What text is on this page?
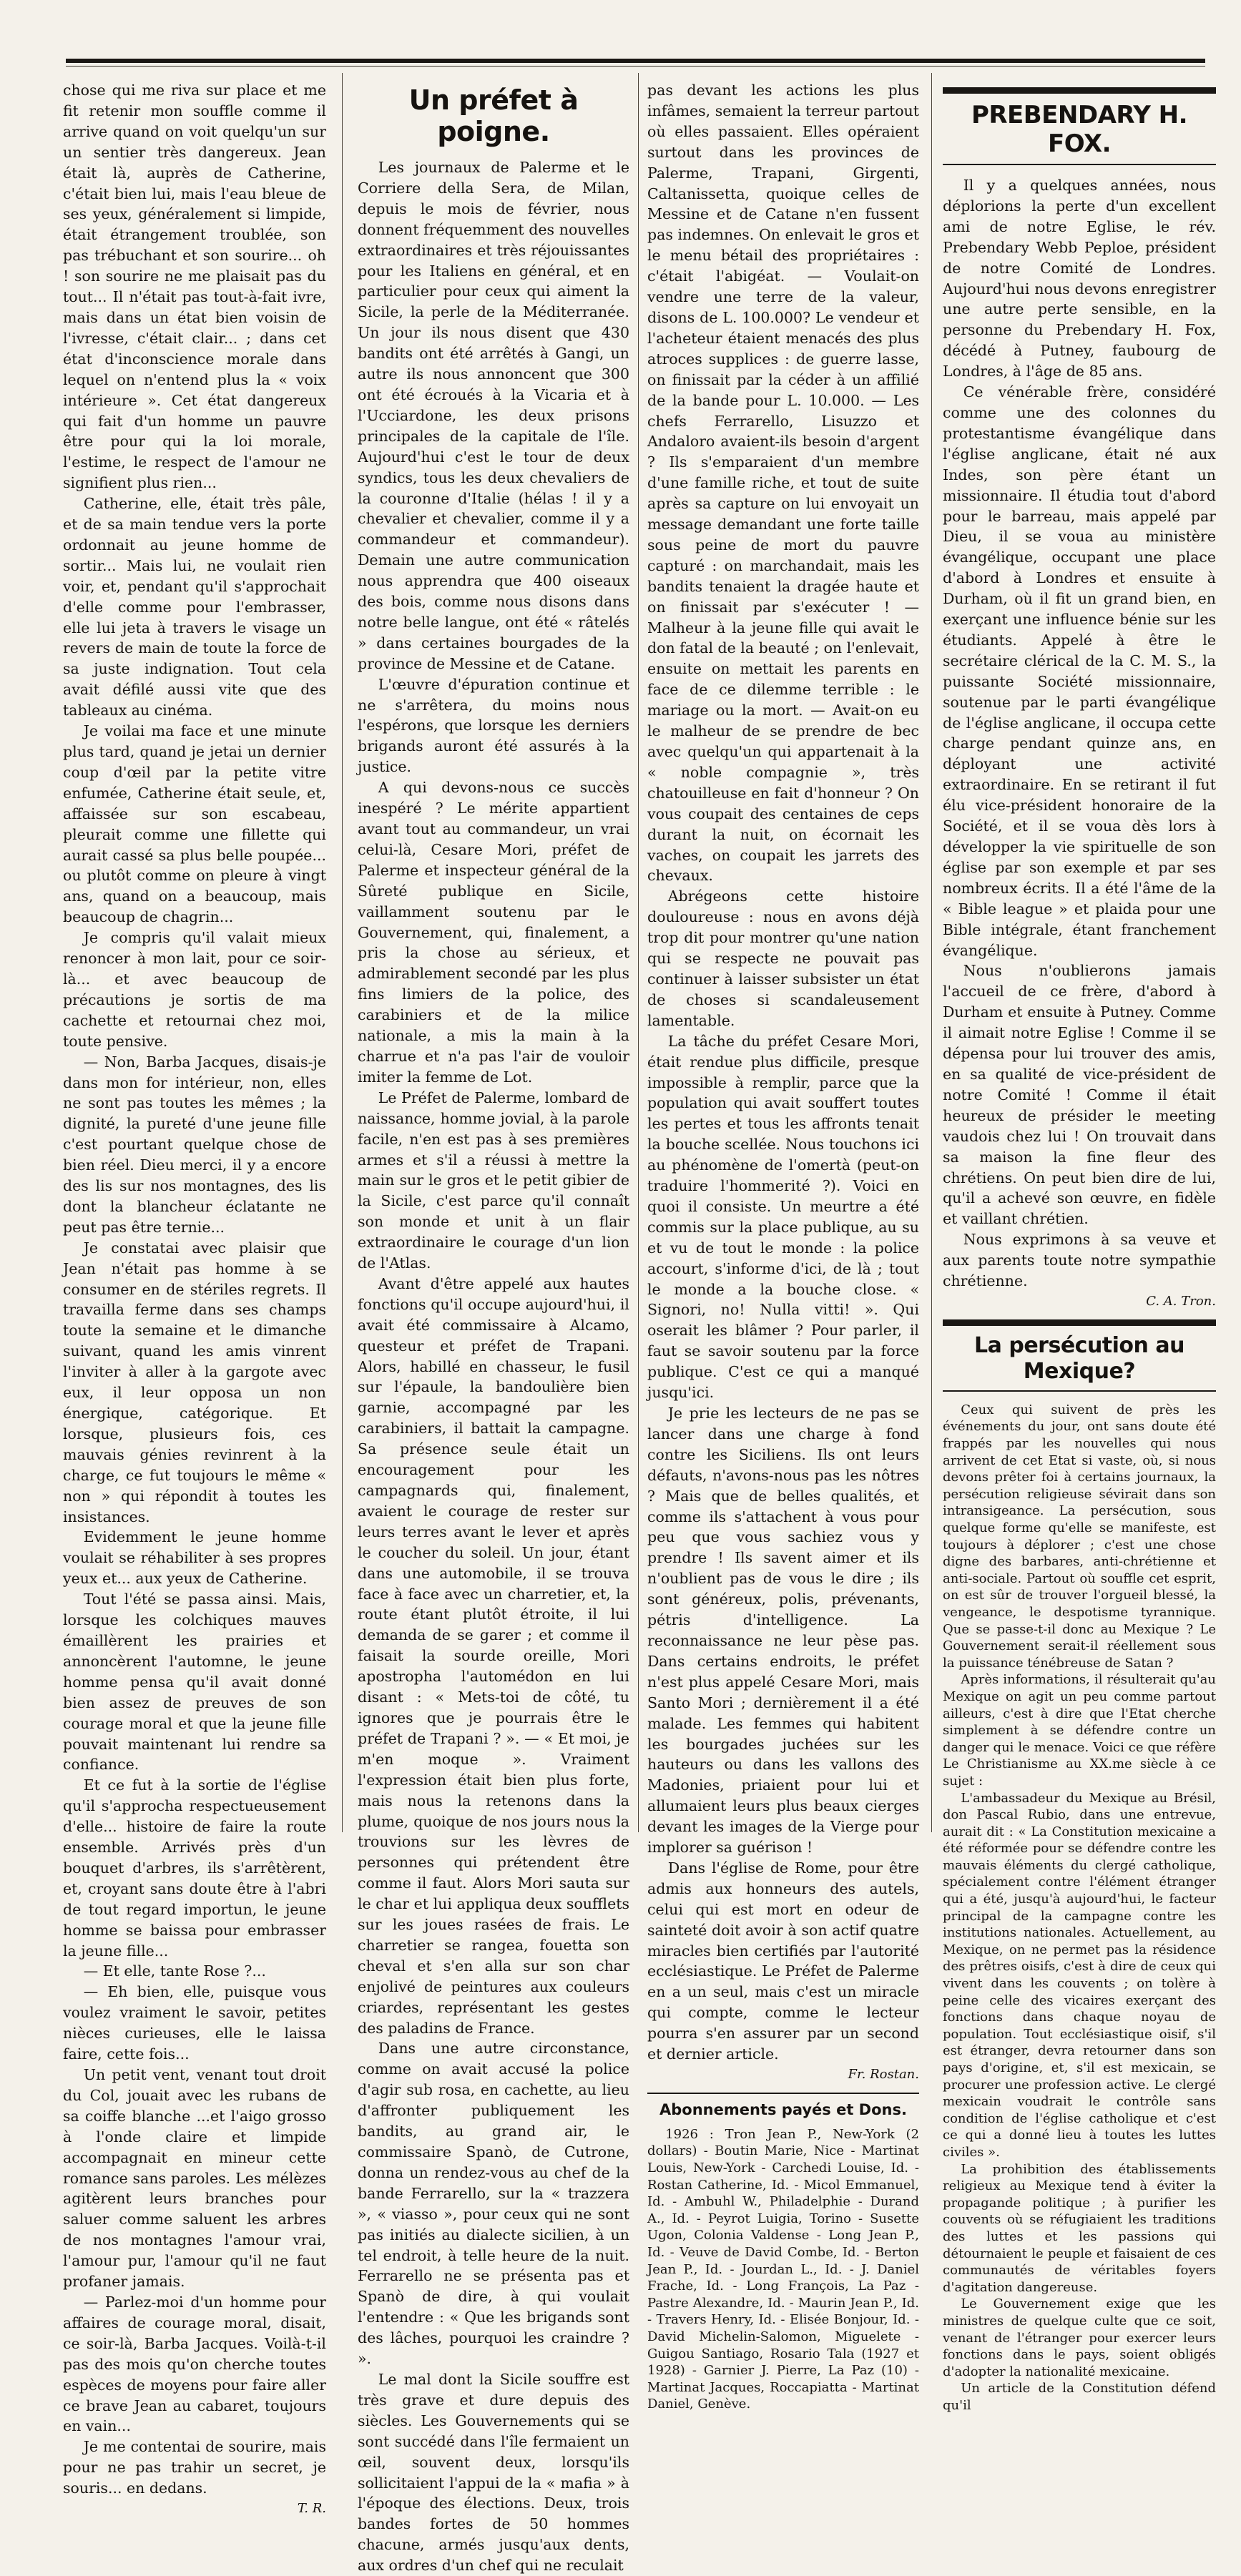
chose qui me riva sur place et me fit retenir mon souffle comme il arrive quand on voit quelqu'un sur un sentier très dangereux. Jean était là, auprès de Catherine, c'était bien lui, mais l'eau bleue de ses yeux, généralement si limpide, était étrangement troublée, son pas trébuchant et son sourire... oh ! son sourire ne me plaisait pas du tout... Il n'était pas tout-à-fait ivre, mais dans un état bien voisin de l'ivresse, c'était clair... ; dans cet état d'inconscience morale dans lequel on n'entend plus la « voix intérieure ». Cet état dangereux qui fait d'un homme un pauvre être pour qui la loi morale, l'estime, le respect de l'amour ne signifient plus rien...

Catherine, elle, était très pâle, et de sa main tendue vers la porte ordonnait au jeune homme de sortir... Mais lui, ne voulait rien voir, et, pendant qu'il s'approchait d'elle comme pour l'embrasser, elle lui jeta à travers le visage un revers de main de toute la force de sa juste indignation. Tout cela avait défilé aussi vite que des tableaux au cinéma.

Je voilai ma face et une minute plus tard, quand je jetai un dernier coup d'œil par la petite vitre enfumée, Catherine était seule, et, affaissée sur son escabeau, pleurait comme une fillette qui aurait cassé sa plus belle poupée... ou plutôt comme on pleure à vingt ans, quand on a beaucoup, mais beaucoup de chagrin...

Je compris qu'il valait mieux renoncer à mon lait, pour ce soir-là... et avec beaucoup de précautions je sortis de ma cachette et retournai chez moi, toute pensive.

— Non, Barba Jacques, disais-je dans mon for intérieur, non, elles ne sont pas toutes les mêmes ; la dignité, la pureté d'une jeune fille c'est pourtant quelque chose de bien réel. Dieu merci, il y a encore des lis sur nos montagnes, des lis dont la blancheur éclatante ne peut pas être ternie...

Je constatai avec plaisir que Jean n'était pas homme à se consumer en de stériles regrets. Il travailla ferme dans ses champs toute la semaine et le dimanche suivant, quand les amis vinrent l'inviter à aller à la gargote avec eux, il leur opposa un non énergique, catégorique. Et lorsque, plusieurs fois, ces mauvais génies revinrent à la charge, ce fut toujours le même « non » qui répondit à toutes les insistances.

Evidemment le jeune homme voulait se réhabiliter à ses propres yeux et... aux yeux de Catherine.

Tout l'été se passa ainsi. Mais, lorsque les colchiques mauves émaillèrent les prairies et annoncèrent l'automne, le jeune homme pensa qu'il avait donné bien assez de preuves de son courage moral et que la jeune fille pouvait maintenant lui rendre sa confiance.

Et ce fut à la sortie de l'église qu'il s'approcha respectueusement d'elle... histoire de faire la route ensemble. Arrivés près d'un bouquet d'arbres, ils s'arrêtèrent, et, croyant sans doute être à l'abri de tout regard importun, le jeune homme se baissa pour embrasser la jeune fille...

— Et elle, tante Rose ?...

— Eh bien, elle, puisque vous voulez vraiment le savoir, petites nièces curieuses, elle le laissa faire, cette fois...

Un petit vent, venant tout droit du Col, jouait avec les rubans de sa coiffe blanche ...et l'aigo grosso à l'onde claire et limpide accompagnait en mineur cette romance sans paroles. Les mélèzes agitèrent leurs branches pour saluer comme saluent les arbres de nos montagnes l'amour vrai, l'amour pur, l'amour qu'il ne faut profaner jamais.

— Parlez-moi d'un homme pour affaires de courage moral, disait, ce soir-là, Barba Jacques. Voilà-t-il pas des mois qu'on cherche toutes espèces de moyens pour faire aller ce brave Jean au cabaret, toujours en vain...

Je me contentai de sourire, mais pour ne pas trahir un secret, je souris... en dedans.

T. R.

Un préfet à poigne.

Les journaux de Palerme et le Corriere della Sera, de Milan, depuis le mois de février, nous donnent fréquemment des nouvelles extraordinaires et très réjouissantes pour les Italiens en général, et en particulier pour ceux qui aiment la Sicile, la perle de la Méditerranée. Un jour ils nous disent que 430 bandits ont été arrêtés à Gangi, un autre ils nous annoncent que 300 ont été écroués à la Vicaria et à l'Ucciardone, les deux prisons principales de la capitale de l'île. Aujourd'hui c'est le tour de deux syndics, tous les deux chevaliers de la couronne d'Italie (hélas ! il y a chevalier et chevalier, comme il y a commandeur et commandeur). Demain une autre communication nous apprendra que 400 oiseaux des bois, comme nous disons dans notre belle langue, ont été « râtelés » dans certaines bourgades de la province de Messine et de Catane.

L'œuvre d'épuration continue et ne s'arrêtera, du moins nous l'espérons, que lorsque les derniers brigands auront été assurés à la justice.

A qui devons-nous ce succès inespéré ? Le mérite appartient avant tout au commandeur, un vrai celui-là, Cesare Mori, préfet de Palerme et inspecteur général de la Sûreté publique en Sicile, vaillamment soutenu par le Gouvernement, qui, finalement, a pris la chose au sérieux, et admirablement secondé par les plus fins limiers de la police, des carabiniers et de la milice nationale, a mis la main à la charrue et n'a pas l'air de vouloir imiter la femme de Lot.

Le Préfet de Palerme, lombard de naissance, homme jovial, à la parole facile, n'en est pas à ses premières armes et s'il a réussi à mettre la main sur le gros et le petit gibier de la Sicile, c'est parce qu'il connaît son monde et unit à un flair extraordinaire le courage d'un lion de l'Atlas.

Avant d'être appelé aux hautes fonctions qu'il occupe aujourd'hui, il avait été commissaire à Alcamo, questeur et préfet de Trapani. Alors, habillé en chasseur, le fusil sur l'épaule, la bandoulière bien garnie, accompagné par les carabiniers, il battait la campagne. Sa présence seule était un encouragement pour les campagnards qui, finalement, avaient le courage de rester sur leurs terres avant le lever et après le coucher du soleil. Un jour, étant dans une automobile, il se trouva face à face avec un charretier, et, la route étant plutôt étroite, il lui demanda de se garer ; et comme il faisait la sourde oreille, Mori apostropha l'automédon en lui disant : « Mets-toi de côté, tu ignores que je pourrais être le préfet de Trapani ? ». — « Et moi, je m'en moque ». Vraiment l'expression était bien plus forte, mais nous la retenons dans la plume, quoique de nos jours nous la trouvions sur les lèvres de personnes qui prétendent être comme il faut. Alors Mori sauta sur le char et lui appliqua deux soufflets sur les joues rasées de frais. Le charretier se rangea, fouetta son cheval et s'en alla sur son char enjolivé de peintures aux couleurs criardes, représentant les gestes des paladins de France.

Dans une autre circonstance, comme on avait accusé la police d'agir sub rosa, en cachette, au lieu d'affronter publiquement les bandits, au grand air, le commissaire Spanò, de Cutrone, donna un rendez-vous au chef de la bande Ferrarello, sur la « trazzera », « viasso », pour ceux qui ne sont pas initiés au dialecte sicilien, à un tel endroit, à telle heure de la nuit. Ferrarello ne se présenta pas et Spanò de dire, à qui voulait l'entendre : « Que les brigands sont des lâches, pourquoi les craindre ? ».

Le mal dont la Sicile souffre est très grave et dure depuis des siècles. Les Gouvernements qui se sont succédé dans l'île fermaient un œil, souvent deux, lorsqu'ils sollicitaient l'appui de la « mafia » à l'époque des élections. Deux, trois bandes fortes de 50 hommes chacune, armés jusqu'aux dents, aux ordres d'un chef qui ne reculait

pas devant les actions les plus infâmes, semaient la terreur partout où elles passaient. Elles opéraient surtout dans les provinces de Palerme, Trapani, Girgenti, Caltanissetta, quoique celles de Messine et de Catane n'en fussent pas indemnes. On enlevait le gros et le menu bétail des propriétaires : c'était l'abigéat. — Voulait-on vendre une terre de la valeur, disons de L. 100.000? Le vendeur et l'acheteur étaient menacés des plus atroces supplices : de guerre lasse, on finissait par la céder à un affilié de la bande pour L. 10.000. — Les chefs Ferrarello, Lisuzzo et Andaloro avaient-ils besoin d'argent ? Ils s'emparaient d'un membre d'une famille riche, et tout de suite après sa capture on lui envoyait un message demandant une forte taille sous peine de mort du pauvre capturé : on marchandait, mais les bandits tenaient la dragée haute et on finissait par s'exécuter ! — Malheur à la jeune fille qui avait le don fatal de la beauté ; on l'enlevait, ensuite on mettait les parents en face de ce dilemme terrible : le mariage ou la mort. — Avait-on eu le malheur de se prendre de bec avec quelqu'un qui appartenait à la « noble compagnie », très chatouilleuse en fait d'honneur ? On vous coupait des centaines de ceps durant la nuit, on écornait les vaches, on coupait les jarrets des chevaux.

Abrégeons cette histoire douloureuse : nous en avons déjà trop dit pour montrer qu'une nation qui se respecte ne pouvait pas continuer à laisser subsister un état de choses si scandaleusement lamentable.

La tâche du préfet Cesare Mori, était rendue plus difficile, presque impossible à remplir, parce que la population qui avait souffert toutes les pertes et tous les affronts tenait la bouche scellée. Nous touchons ici au phénomène de l'omertà (peut-on traduire l'hommerité ?). Voici en quoi il consiste. Un meurtre a été commis sur la place publique, au su et vu de tout le monde : la police accourt, s'informe d'ici, de là ; tout le monde a la bouche close. « Signori, no! Nulla vitti! ». Qui oserait les blâmer ? Pour parler, il faut se savoir soutenu par la force publique. C'est ce qui a manqué jusqu'ici.

Je prie les lecteurs de ne pas se lancer dans une charge à fond contre les Siciliens. Ils ont leurs défauts, n'avons-nous pas les nôtres ? Mais que de belles qualités, et comme ils s'attachent à vous pour peu que vous sachiez vous y prendre ! Ils savent aimer et ils n'oublient pas de vous le dire ; ils sont généreux, polis, prévenants, pétris d'intelligence. La reconnaissance ne leur pèse pas. Dans certains endroits, le préfet n'est plus appelé Cesare Mori, mais Santo Mori ; dernièrement il a été malade. Les femmes qui habitent les bourgades juchées sur les hauteurs ou dans les vallons des Madonies, priaient pour lui et allumaient leurs plus beaux cierges devant les images de la Vierge pour implorer sa guérison !

Dans l'église de Rome, pour être admis aux honneurs des autels, celui qui est mort en odeur de sainteté doit avoir à son actif quatre miracles bien certifiés par l'autorité ecclésiastique. Le Préfet de Palerme en a un seul, mais c'est un miracle qui compte, comme le lecteur pourra s'en assurer par un second et dernier article.

Fr. Rostan.

Abonnements payés et Dons.

1926 : Tron Jean P., New-York (2 dollars) - Boutin Marie, Nice - Martinat Louis, New-York - Carchedi Louise, Id. - Rostan Catherine, Id. - Micol Emmanuel, Id. - Ambuhl W., Philadelphie - Durand A., Id. - Peyrot Luigia, Torino - Susette Ugon, Colonia Valdense - Long Jean P., Id. - Veuve de David Combe, Id. - Berton Jean P., Id. - Jourdan L., Id. - J. Daniel Frache, Id. - Long François, La Paz - Pastre Alexandre, Id. - Maurin Jean P., Id. - Travers Henry, Id. - Elisée Bonjour, Id. - David Michelin-Salomon, Miguelete - Guigou Santiago, Rosario Tala (1927 et 1928) - Garnier J. Pierre, La Paz (10) - Martinat Jacques, Roccapiatta - Martinat Daniel, Genève.

PREBENDARY H. FOX.

Il y a quelques années, nous déplorions la perte d'un excellent ami de notre Eglise, le rév. Prebendary Webb Peploe, président de notre Comité de Londres. Aujourd'hui nous devons enregistrer une autre perte sensible, en la personne du Prebendary H. Fox, décédé à Putney, faubourg de Londres, à l'âge de 85 ans.

Ce vénérable frère, considéré comme une des colonnes du protestantisme évangélique dans l'église anglicane, était né aux Indes, son père étant un missionnaire. Il étudia tout d'abord pour le barreau, mais appelé par Dieu, il se voua au ministère évangélique, occupant une place d'abord à Londres et ensuite à Durham, où il fit un grand bien, en exerçant une influence bénie sur les étudiants. Appelé à être le secrétaire clérical de la C. M. S., la puissante Société missionnaire, soutenue par le parti évangélique de l'église anglicane, il occupa cette charge pendant quinze ans, en déployant une activité extraordinaire. En se retirant il fut élu vice-président honoraire de la Société, et il se voua dès lors à développer la vie spirituelle de son église par son exemple et par ses nombreux écrits. Il a été l'âme de la « Bible league » et plaida pour une Bible intégrale, étant franchement évangélique.

Nous n'oublierons jamais l'accueil de ce frère, d'abord à Durham et ensuite à Putney. Comme il aimait notre Eglise ! Comme il se dépensa pour lui trouver des amis, en sa qualité de vice-président de notre Comité ! Comme il était heureux de présider le meeting vaudois chez lui ! On trouvait dans sa maison la fine fleur des chrétiens. On peut bien dire de lui, qu'il a achevé son œuvre, en fidèle et vaillant chrétien.

Nous exprimons à sa veuve et aux parents toute notre sympathie chrétienne.

C. A. Tron.

La persécution au Mexique?

Ceux qui suivent de près les événements du jour, ont sans doute été frappés par les nouvelles qui nous arrivent de cet Etat si vaste, où, si nous devons prêter foi à certains journaux, la persécution religieuse sévirait dans son intransigeance. La persécution, sous quelque forme qu'elle se manifeste, est toujours à déplorer ; c'est une chose digne des barbares, anti-chrétienne et anti-sociale. Partout où souffle cet esprit, on est sûr de trouver l'orgueil blessé, la vengeance, le despotisme tyrannique. Que se passe-t-il donc au Mexique ? Le Gouvernement serait-il réellement sous la puissance ténébreuse de Satan ?

Après informations, il résulterait qu'au Mexique on agit un peu comme partout ailleurs, c'est à dire que l'Etat cherche simplement à se défendre contre un danger qui le menace. Voici ce que réfère Le Christianisme au XX.me siècle à ce sujet :

L'ambassadeur du Mexique au Brésil, don Pascal Rubio, dans une entrevue, aurait dit : « La Constitution mexicaine a été réformée pour se défendre contre les mauvais éléments du clergé catholique, spécialement contre l'élément étranger qui a été, jusqu'à aujourd'hui, le facteur principal de la campagne contre les institutions nationales. Actuellement, au Mexique, on ne permet pas la résidence des prêtres oisifs, c'est à dire de ceux qui vivent dans les couvents ; on tolère à peine celle des vicaires exerçant des fonctions dans chaque noyau de population. Tout ecclésiastique oisif, s'il est étranger, devra retourner dans son pays d'origine, et, s'il est mexicain, se procurer une profession active. Le clergé mexicain voudrait le contrôle sans condition de l'église catholique et c'est ce qui a donné lieu à toutes les luttes civiles ».

La prohibition des établissements religieux au Mexique tend à éviter la propagande politique ; à purifier les couvents où se réfugiaient les traditions des luttes et les passions qui détournaient le peuple et faisaient de ces communautés de véritables foyers d'agitation dangereuse.

Le Gouvernement exige que les ministres de quelque culte que ce soit, venant de l'étranger pour exercer leurs fonctions dans le pays, soient obligés d'adopter la nationalité mexicaine.

Un article de la Constitution défend qu'il
